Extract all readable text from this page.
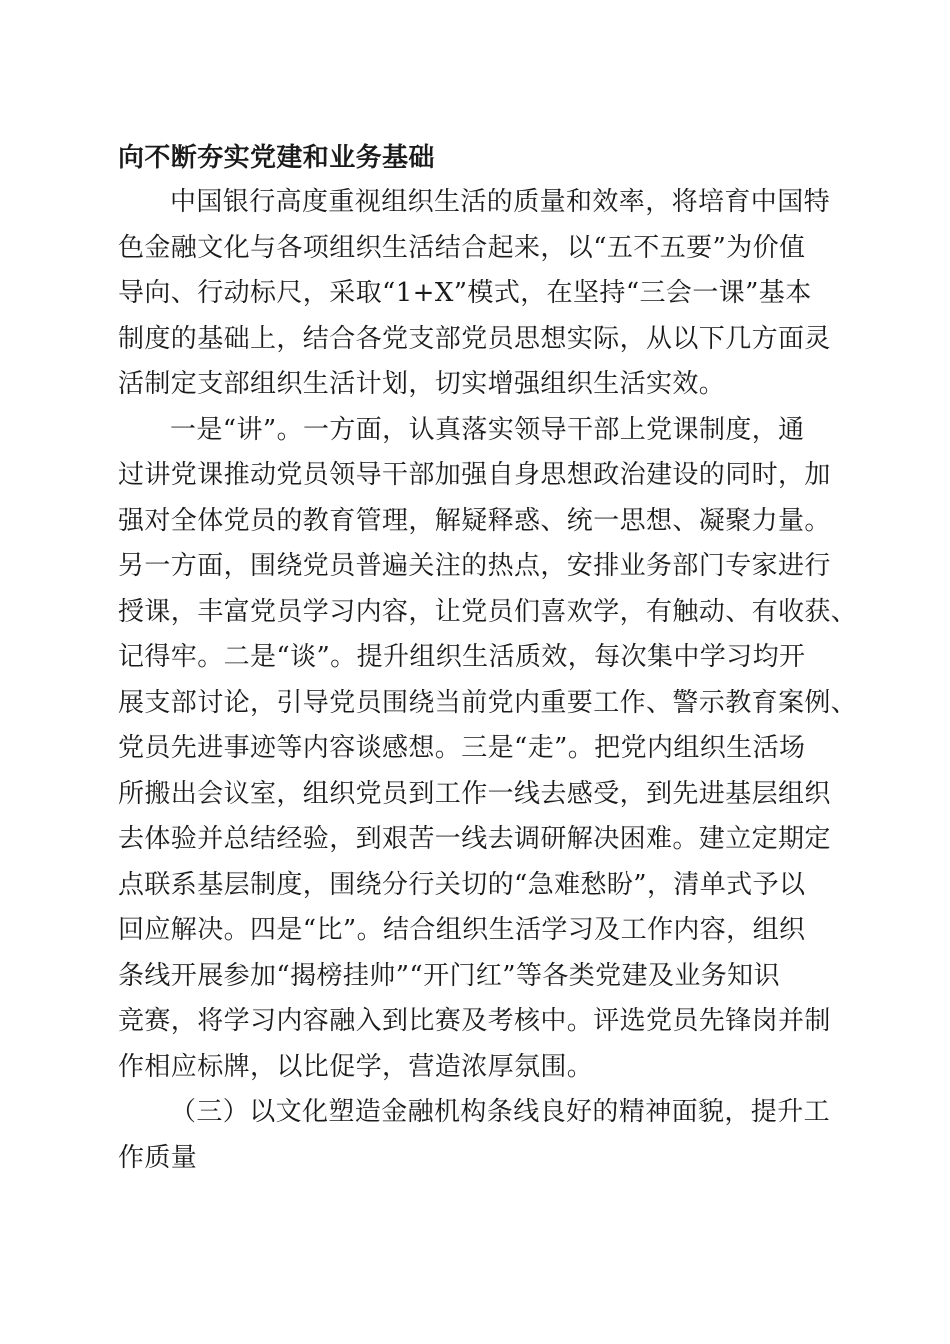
向不断夯实党建和业务基础

中国银行高度重视组织生活的质量和效率，将培育中国特

色金融文化与各项组织生活结合起来，以“五不五要”为价值

导向、行动标尺，采取“1+X”模式，在坚持“三会一课”基本

制度的基础上，结合各党支部党员思想实际，从以下几方面灵

活制定支部组织生活计划，切实增强组织生活实效。

一是“讲”。一方面，认真落实领导干部上党课制度，通

过讲党课推动党员领导干部加强自身思想政治建设的同时，加

强对全体党员的教育管理，解疑释惑、统一思想、凝聚力量。

另一方面，围绕党员普遍关注的热点，安排业务部门专家进行

授课，丰富党员学习内容，让党员们喜欢学，有触动、有收获、

记得牢。二是“谈”。提升组织生活质效，每次集中学习均开

展支部讨论，引导党员围绕当前党内重要工作、警示教育案例、

党员先进事迹等内容谈感想。三是“走”。把党内组织生活场

所搬出会议室，组织党员到工作一线去感受，到先进基层组织

去体验并总结经验，到艰苦一线去调研解决困难。建立定期定

点联系基层制度，围绕分行关切的“急难愁盼”，清单式予以

回应解决。四是“比”。结合组织生活学习及工作内容，组织

条线开展参加“揭榜挂帅”“开门红”等各类党建及业务知识

竞赛，将学习内容融入到比赛及考核中。评选党员先锋岗并制

作相应标牌，以比促学，营造浓厚氛围。

（三）以文化塑造金融机构条线良好的精神面貌，提升工

作质量
